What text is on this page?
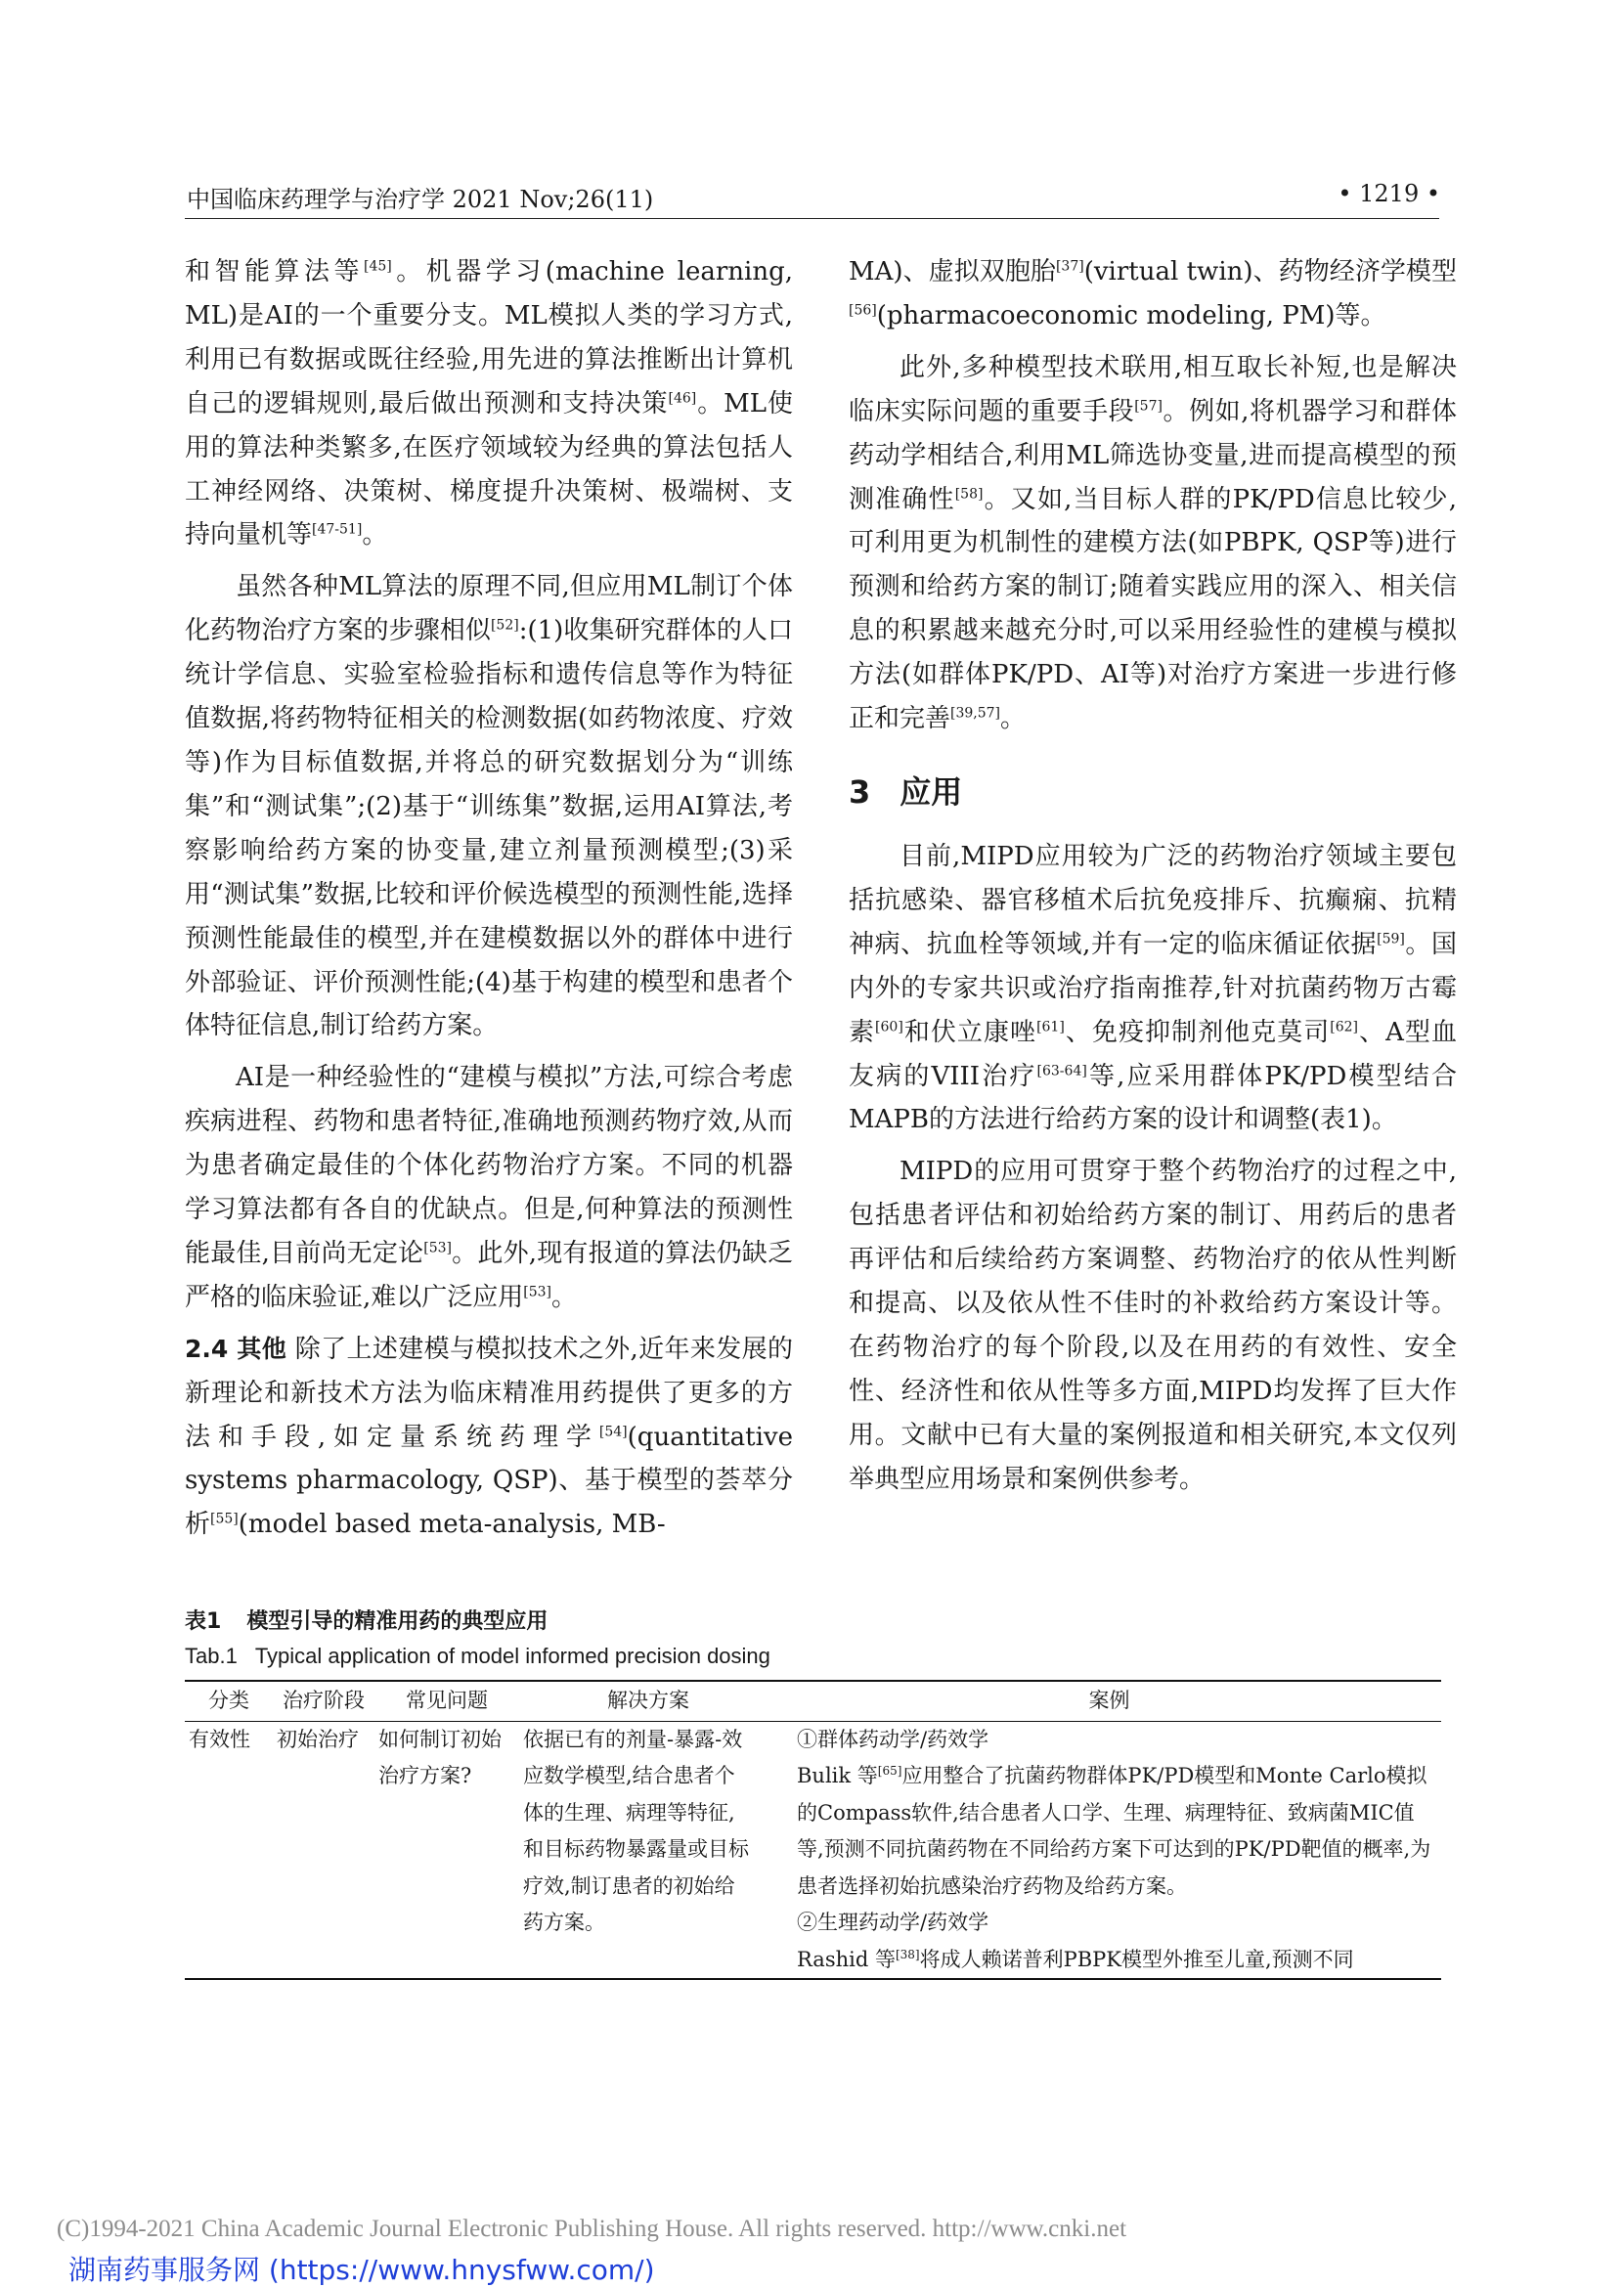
中国临床药理学与治疗学 2021 Nov;26(11)	• 1219 •

和智能算法等[45]。机器学习(machine learning, ML)是AI的一个重要分支。ML模拟人类的学习方式,利用已有数据或既往经验,用先进的算法推断出计算机自己的逻辑规则,最后做出预测和支持决策[46]。ML使用的算法种类繁多,在医疗领域较为经典的算法包括人工神经网络、决策树、梯度提升决策树、极端树、支持向量机等[47-51]。

虽然各种ML算法的原理不同,但应用ML制订个体化药物治疗方案的步骤相似[52]:(1)收集研究群体的人口统计学信息、实验室检验指标和遗传信息等作为特征值数据,将药物特征相关的检测数据(如药物浓度、疗效等)作为目标值数据,并将总的研究数据划分为“训练集”和“测试集”;(2)基于“训练集”数据,运用AI算法,考察影响给药方案的协变量,建立剂量预测模型;(3)采用“测试集”数据,比较和评价候选模型的预测性能,选择预测性能最佳的模型,并在建模数据以外的群体中进行外部验证、评价预测性能;(4)基于构建的模型和患者个体特征信息,制订给药方案。

AI是一种经验性的“建模与模拟”方法,可综合考虑疾病进程、药物和患者特征,准确地预测药物疗效,从而为患者确定最佳的个体化药物治疗方案。不同的机器学习算法都有各自的优缺点。但是,何种算法的预测性能最佳,目前尚无定论[53]。此外,现有报道的算法仍缺乏严格的临床验证,难以广泛应用[53]。

2.4 其他 除了上述建模与模拟技术之外,近年来发展的新理论和新技术方法为临床精准用药提供了更多的方法和手段,如定量系统药理学[54](quantitative systems pharmacology, QSP)、基于模型的荟萃分析[55](model based meta-analysis, MB-

MA)、虚拟双胞胎[37](virtual twin)、药物经济学模型[56](pharmacoeconomic modeling, PM)等。

此外,多种模型技术联用,相互取长补短,也是解决临床实际问题的重要手段[57]。例如,将机器学习和群体药动学相结合,利用ML筛选协变量,进而提高模型的预测准确性[58]。又如,当目标人群的PK/PD信息比较少,可利用更为机制性的建模方法(如PBPK, QSP等)进行预测和给药方案的制订;随着实践应用的深入、相关信息的积累越来越充分时,可以采用经验性的建模与模拟方法(如群体PK/PD、AI等)对治疗方案进一步进行修正和完善[39,57]。

3 应用

目前,MIPD应用较为广泛的药物治疗领域主要包括抗感染、器官移植术后抗免疫排斥、抗癫痫、抗精神病、抗血栓等领域,并有一定的临床循证依据[59]。国内外的专家共识或治疗指南推荐,针对抗菌药物万古霉素[60]和伏立康唑[61]、免疫抑制剂他克莫司[62]、A型血友病的VIII治疗[63-64]等,应采用群体PK/PD模型结合MAPB的方法进行给药方案的设计和调整(表1)。

MIPD的应用可贯穿于整个药物治疗的过程之中,包括患者评估和初始给药方案的制订、用药后的患者再评估和后续给药方案调整、药物治疗的依从性判断和提高、以及依从性不佳时的补救给药方案设计等。在药物治疗的每个阶段,以及在用药的有效性、安全性、经济性和依从性等多方面,MIPD均发挥了巨大作用。文献中已有大量的案例报道和相关研究,本文仅列举典型应用场景和案例供参考。

表1 模型引导的精准用药的典型应用
Tab.1 Typical application of model informed precision dosing
分类	治疗阶段	常见问题	解决方案	案例
有效性	初始治疗	如何制订初始治疗方案?	依据已有的剂量-暴露-效应数学模型,结合患者个体的生理、病理等特征,和目标药物暴露量或目标疗效,制订患者的初始给药方案。	①群体药动学/药效学
Bulik 等[65]应用整合了抗菌药物群体PK/PD模型和Monte Carlo模拟的Compass软件,结合患者人口学、生理、病理特征、致病菌MIC值等,预测不同抗菌药物在不同给药方案下可达到的PK/PD靶值的概率,为患者选择初始抗感染治疗药物及给药方案。
②生理药动学/药效学
Rashid 等[38]将成人赖诺普利PBPK模型外推至儿童,预测不同
(C)1994-2021 China Academic Journal Electronic Publishing House. All rights reserved. http://www.cnki.net
湖南药事服务网 (https://www.hnysfww.com/)
